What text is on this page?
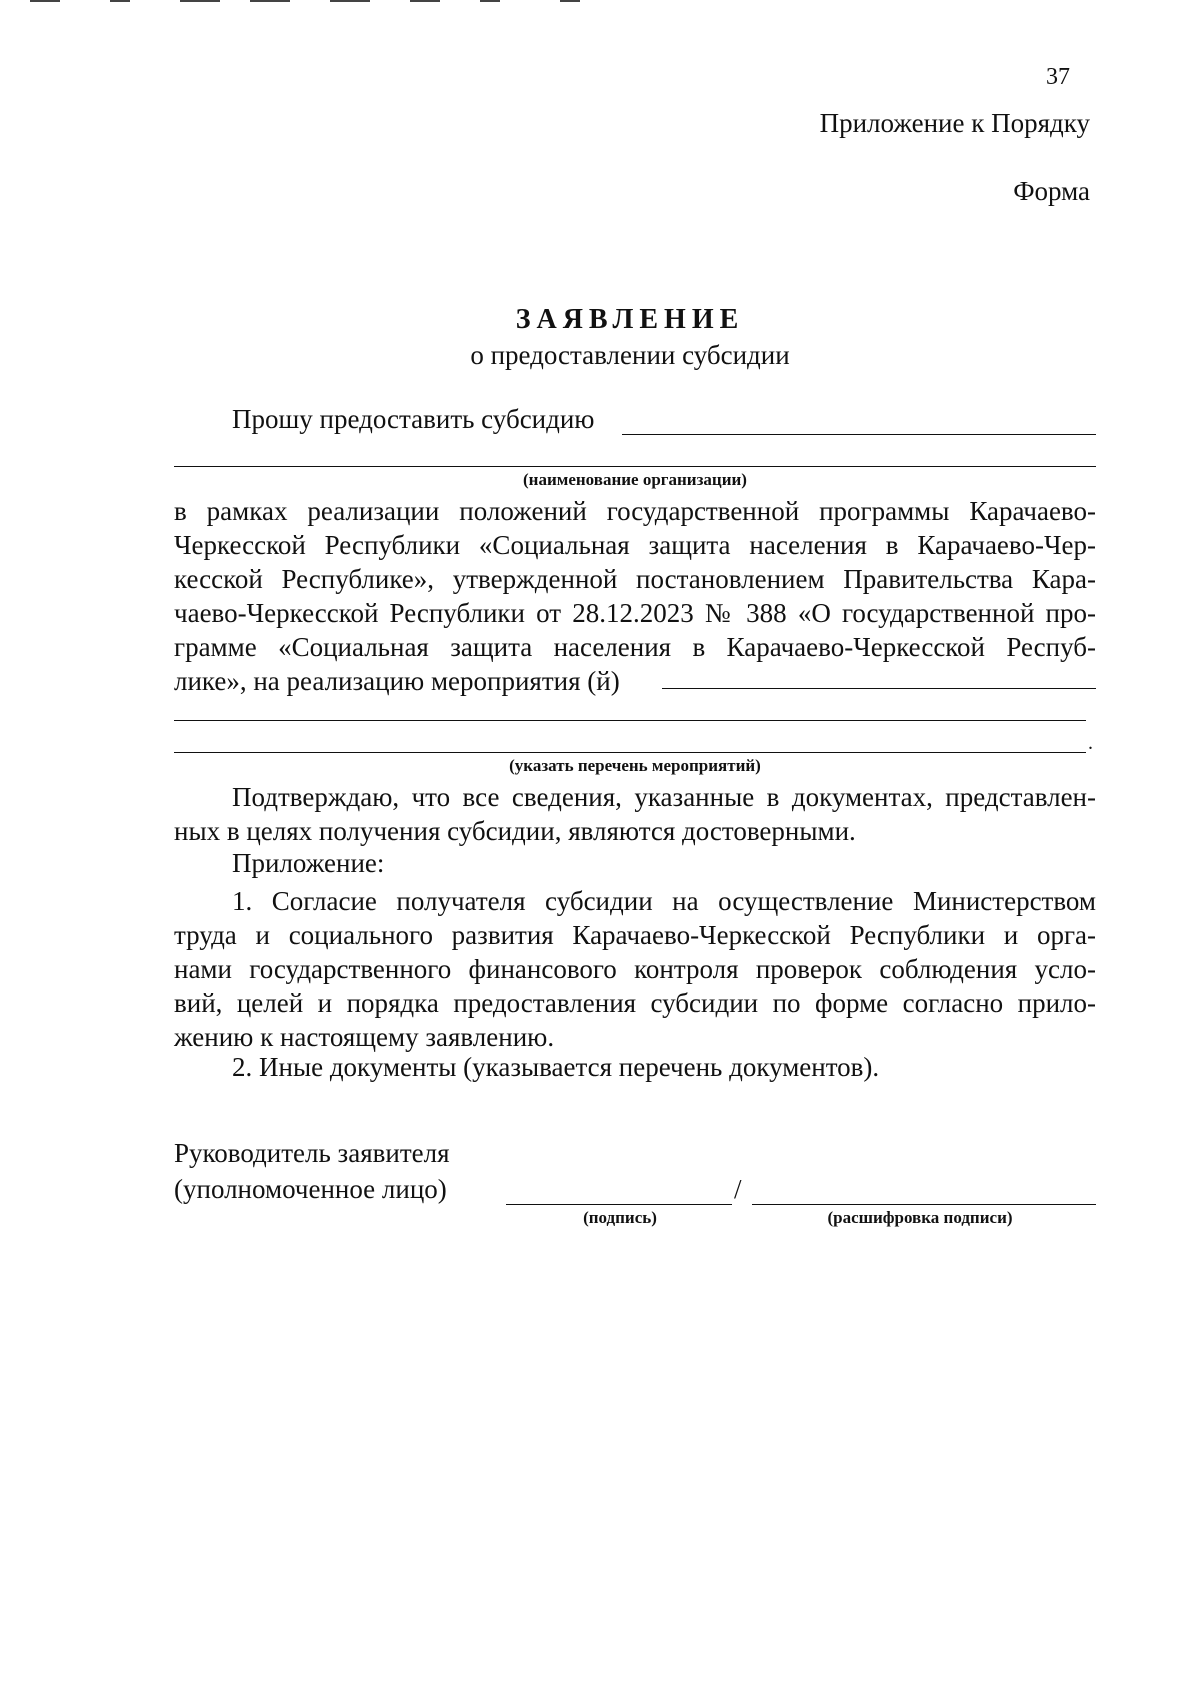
37
Приложение к Порядку
Форма
ЗАЯВЛЕНИЕ
о предоставлении субсидии
Прошу предоставить субсидию
(наименование организации)
в рамках реализации положений государственной программы Карачаево-
Черкесской Республики «Социальная защита населения в Карачаево-Чер-
кесской Республике», утвержденной постановлением Правительства Кара-
чаево-Черкесской Республики от 28.12.2023 № 388 «О государственной про-
грамме «Социальная защита населения в Карачаево-Черкесской Респуб-
лике», на реализацию мероприятия (й)
.
(указать перечень мероприятий)
Подтверждаю, что все сведения, указанные в документах, представлен-
ных в целях получения субсидии, являются достоверными.
Приложение:
1. Согласие получателя субсидии на осуществление Министерством
труда и социального развития Карачаево-Черкесской Республики и орга-
нами государственного финансового контроля проверок соблюдения усло-
вий, целей и порядка предоставления субсидии по форме согласно прило-
жению к настоящему заявлению.
2. Иные документы (указывается перечень документов).
Руководитель заявителя
(уполномоченное лицо)	/
(подпись)	(расшифровка подписи)
